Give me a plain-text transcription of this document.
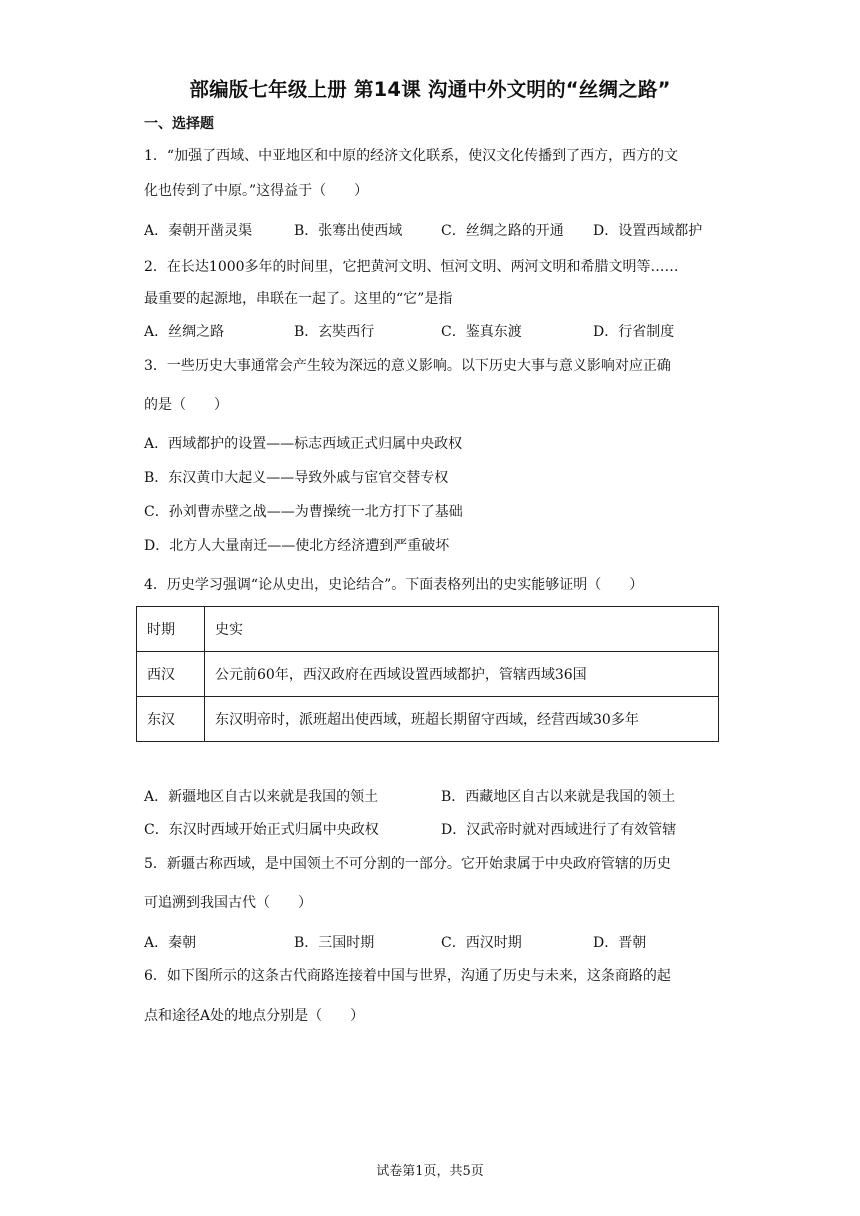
部编版七年级上册 第14课 沟通中外文明的“丝绸之路”
一、选择题
1．“加强了西域、中亚地区和中原的经济文化联系，使汉文化传播到了西方，西方的文
化也传到了中原。”这得益于（　　）
A．秦朝开凿灵渠	B．张骞出使西域	C．丝绸之路的开通 D．设置西域都护
2．在长达1000多年的时间里，它把黄河文明、恒河文明、两河文明和希腊文明等……
最重要的起源地，串联在一起了。这里的“它”是指
A．丝绸之路	B．玄奘西行	C．鉴真东渡	D．行省制度
3．一些历史大事通常会产生较为深远的意义影响。以下历史大事与意义影响对应正确
的是（　　）
A．西域都护的设置——标志西域正式归属中央政权
B．东汉黄巾大起义——导致外戚与宦官交替专权
C．孙刘曹赤壁之战——为曹操统一北方打下了基础
D．北方人大量南迁——使北方经济遭到严重破坏
4．历史学习强调“论从史出，史论结合”。下面表格列出的史实能够证明（　　）
时期	史实
西汉	公元前60年，西汉政府在西域设置西域都护，管辖西域36国
东汉	东汉明帝时，派班超出使西域，班超长期留守西域，经营西域30多年
A．新疆地区自古以来就是我国的领土	B．西藏地区自古以来就是我国的领土
C．东汉时西域开始正式归属中央政权	D．汉武帝时就对西域进行了有效管辖
5．新疆古称西域，是中国领土不可分割的一部分。它开始隶属于中央政府管辖的历史
可追溯到我国古代（　　）
A．秦朝	B．三国时期	C．西汉时期	D．晋朝
6．如下图所示的这条古代商路连接着中国与世界，沟通了历史与未来，这条商路的起
点和途径A处的地点分别是（　　）
试卷第1页，共5页
